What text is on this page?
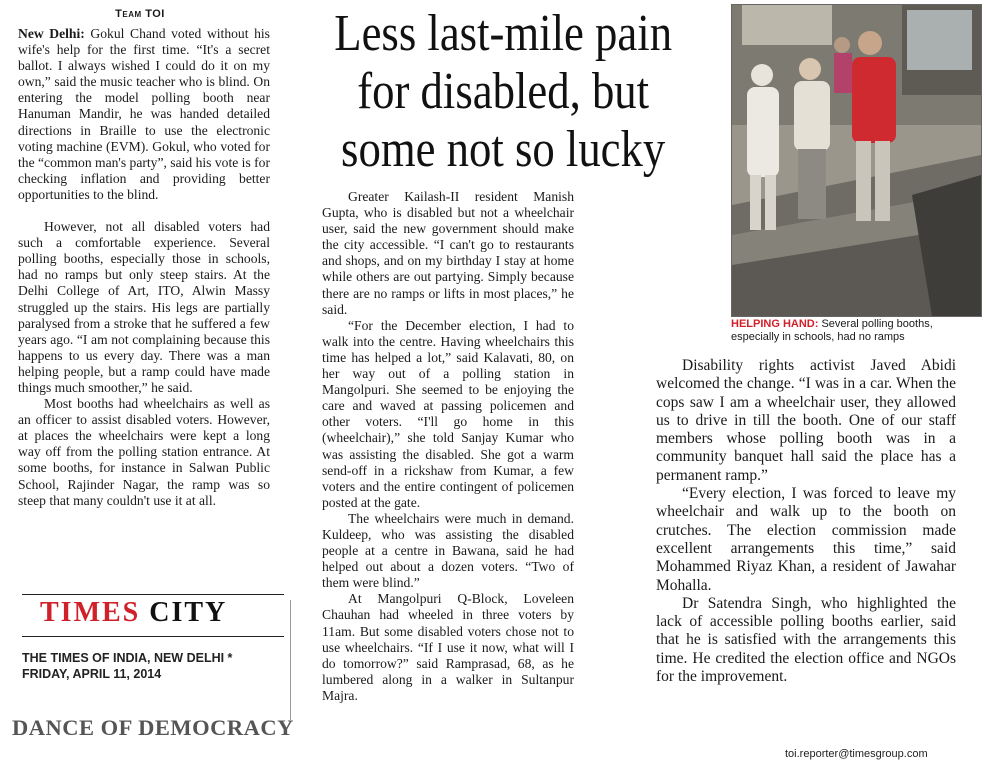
Team TOI	Less last-mile pain
for disabled, but
some not so lucky

New Delhi: Gokul Chand voted without his wife's help for the first time. “It's a secret ballot. I always wished I could do it on my own,” said the music teacher who is blind. On entering the model polling booth near Hanuman Mandir, he was handed detailed directions in Braille to use the electronic voting machine (EVM). Gokul, who voted for the “common man's party”, said his vote is for checking inflation and providing better opportunities to the blind.

However, not all disabled voters had such a comfortable experience. Several polling booths, especially those in schools, had no ramps but only steep stairs. At the Delhi College of Art, ITO, Alwin Massy struggled up the stairs. His legs are partially paralysed from a stroke that he suffered a few years ago. “I am not complaining because this happens to us every day. There was a man helping people, but a ramp could have made things much smoother,” he said.

Most booths had wheelchairs as well as an officer to assist disabled voters. However, at places the wheelchairs were kept a long way off from the polling station entrance. At some booths, for instance in Salwan Public School, Rajinder Nagar, the ramp was so steep that many couldn't use it at all.

Greater Kailash-II resident Manish Gupta, who is disabled but not a wheelchair user, said the new government should make the city accessible. “I can't go to restaurants and shops, and on my birthday I stay at home while others are out partying. Simply because there are no ramps or lifts in most places,” he said.

“For the December election, I had to walk into the centre. Having wheelchairs this time has helped a lot,” said Kalavati, 80, on her way out of a polling station in Mangolpuri. She seemed to be enjoying the care and waved at passing policemen and other voters. “I'll go home in this (wheelchair),” she told Sanjay Kumar who was assisting the disabled. She got a warm send-off in a rickshaw from Kumar, a few voters and the entire contingent of policemen posted at the gate.

The wheelchairs were much in demand. Kuldeep, who was assisting the disabled people at a centre in Bawana, said he had helped out about a dozen voters. “Two of them were blind.”

At Mangolpuri Q-Block, Loveleen Chauhan had wheeled in three voters by 11am. But some disabled voters chose not to use wheelchairs. “If I use it now, what will I do tomorrow?” said Ramprasad, 68, as he lumbered along in a walker in Sultanpur Majra.

Disability rights activist Javed Abidi welcomed the change. “I was in a car. When the cops saw I am a wheelchair user, they allowed us to drive in till the booth. One of our staff members whose polling booth was in a community banquet hall said the place has a permanent ramp.”

“Every election, I was forced to leave my wheelchair and walk up to the booth on crutches. The election commission made excellent arrangements this time,” said Mohammed Riyaz Khan, a resident of Jawahar Mohalla.

Dr Satendra Singh, who highlighted the lack of accessible polling booths earlier, said that he is satisfied with the arrangements this time. He credited the election office and NGOs for the improvement.

HELPING HAND: Several polling booths, especially in schools, had no ramps
TIMES CITY
THE TIMES OF INDIA, NEW DELHI *
FRIDAY, APRIL 11, 2014
DANCE OF DEMOCRACY
toi.reporter@timesgroup.com
